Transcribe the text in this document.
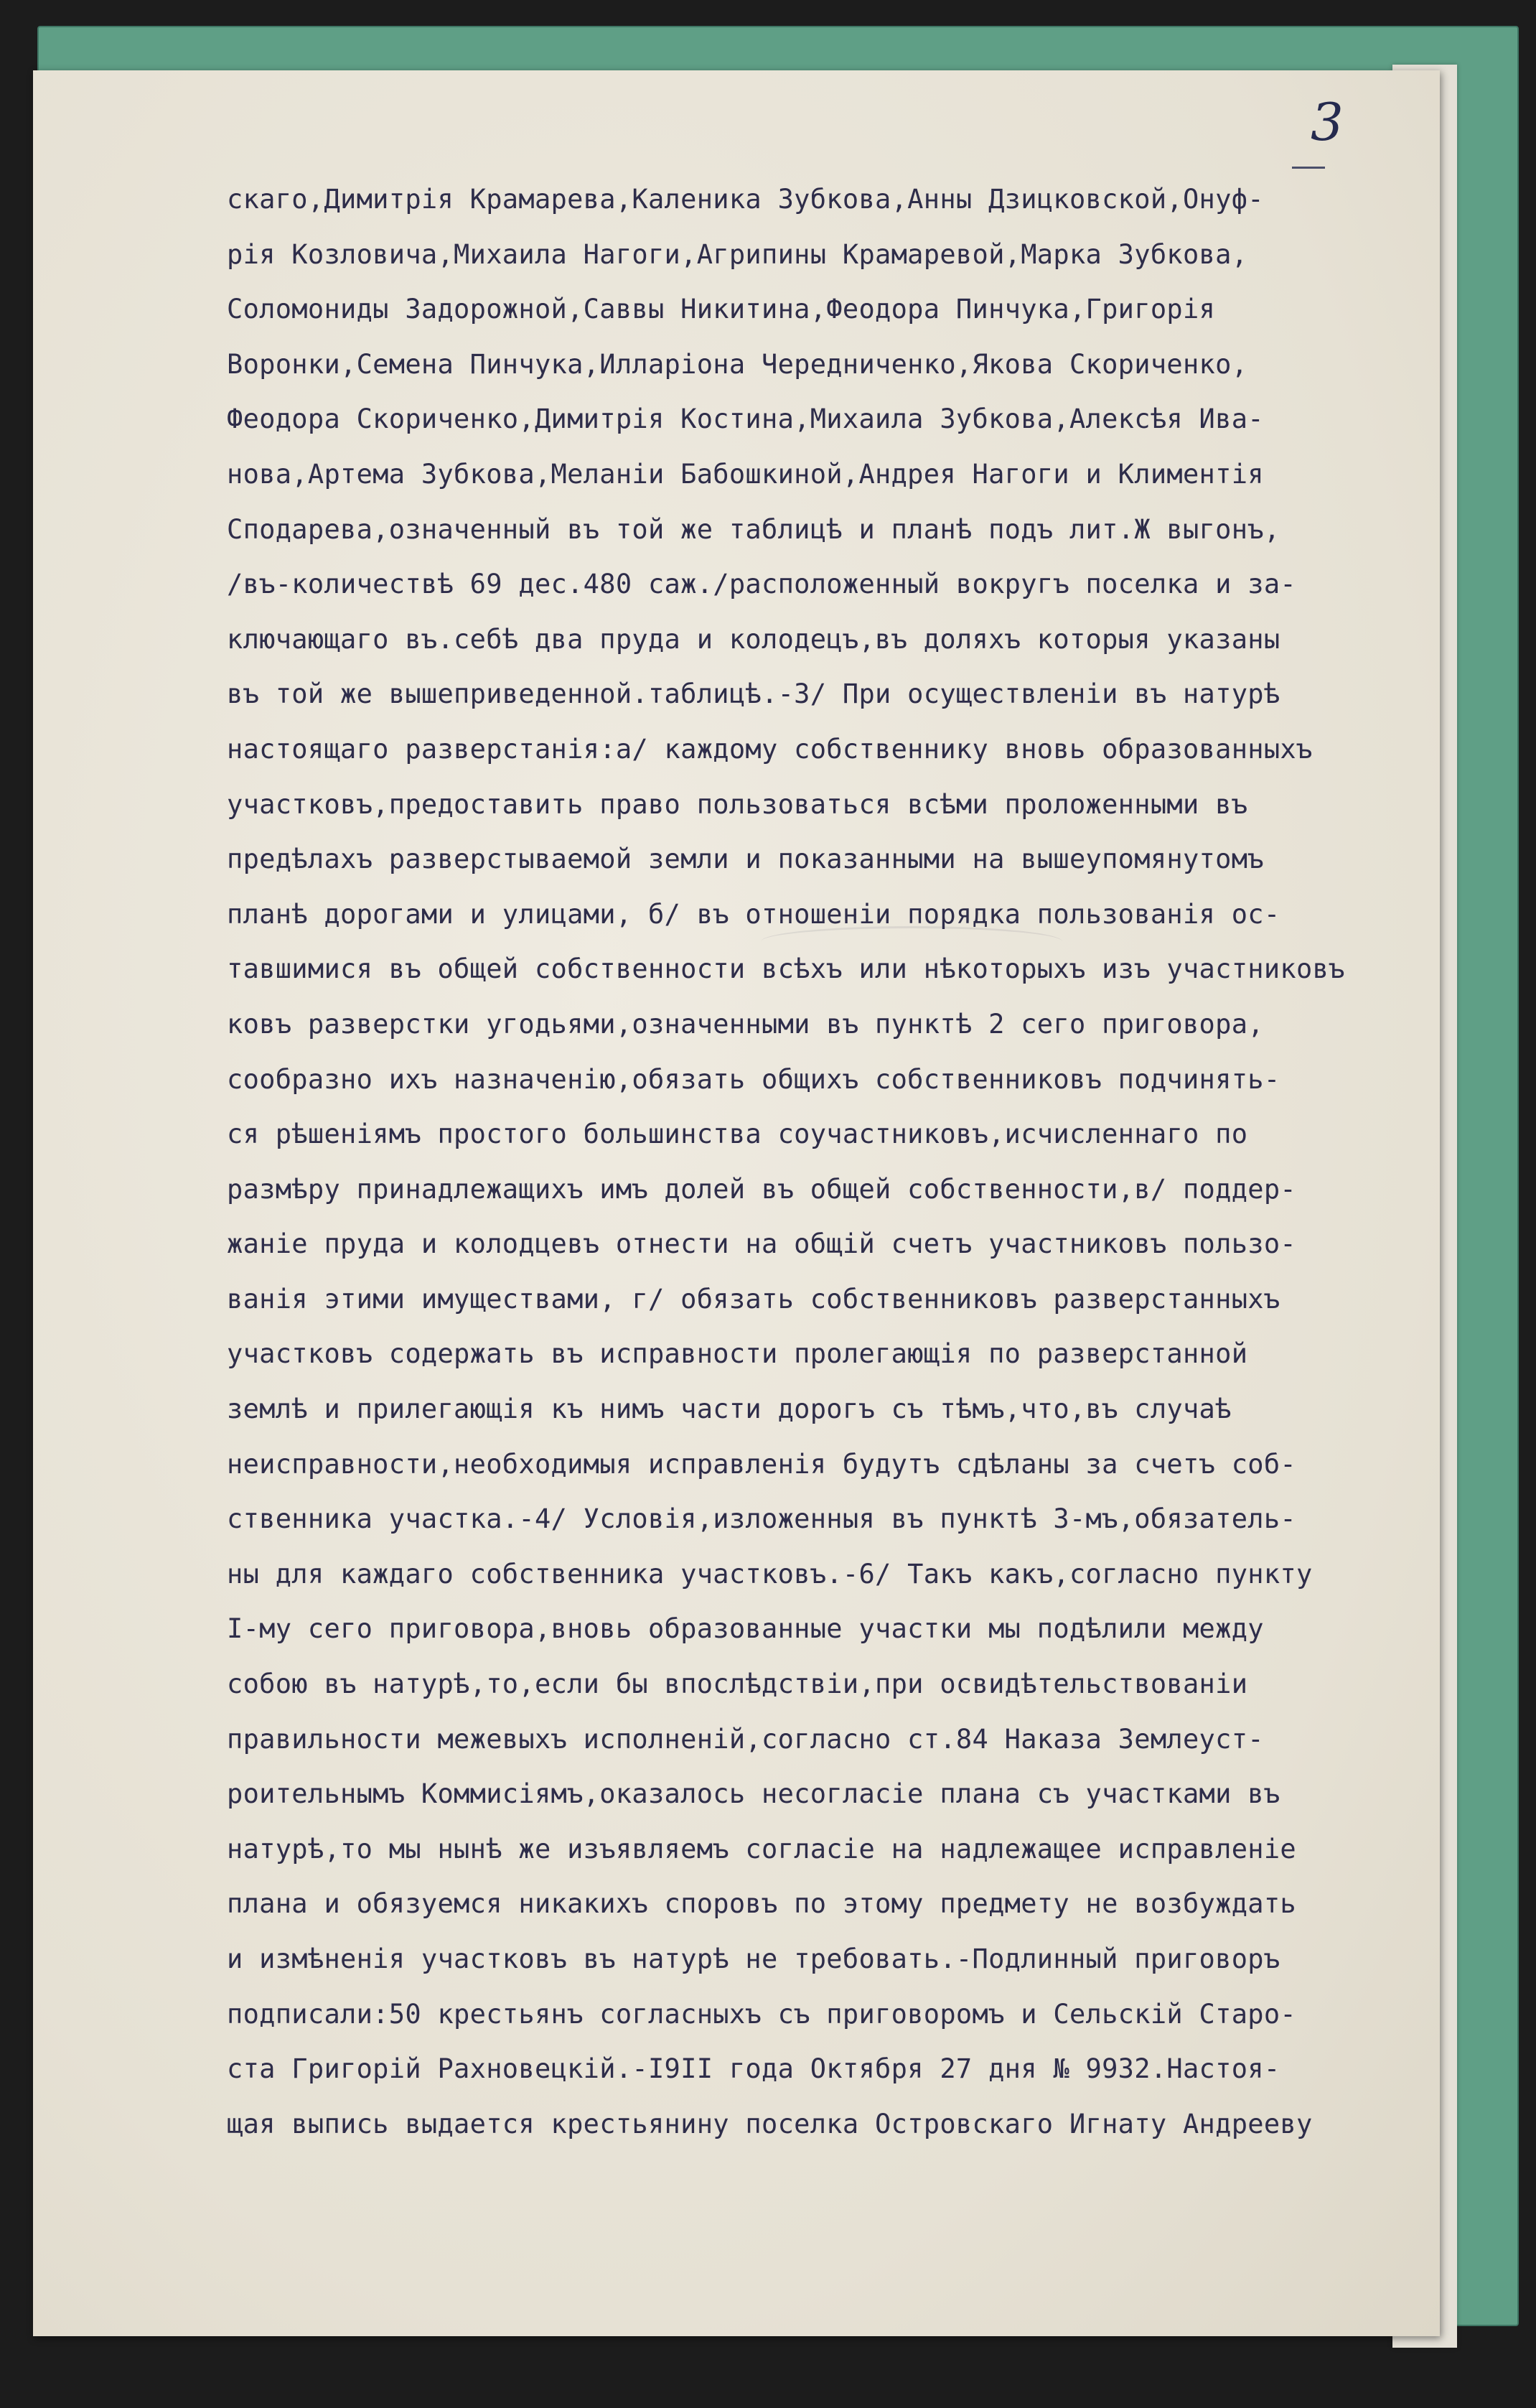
3
скаго,Димитрія Крамарева,Каленика Зубкова,Анны Дзицковской,Онуф-
рія Козловича,Михаила Нагоги,Агрипины Крамаревой,Марка Зубкова,
Соломониды Задорожной,Саввы Никитина,Феодора Пинчука,Григорія
Воронки,Семена Пинчука,Илларіона Чередниченко,Якова Скориченко,
Феодора Скориченко,Димитрія Костина,Михаила Зубкова,Алексѣя Ива-
нова,Артема Зубкова,Меланіи Бабошкиной,Андрея Нагоги и Климентія
Сподарева,означенный въ той же таблицѣ и планѣ подъ лит.Ж выгонъ,
/въ-количествѣ 69 дес.480 саж./расположенный вокругъ поселка и за-
ключающаго въ.себѣ два пруда и колодецъ,въ доляхъ которыя указаны
въ той же вышеприведенной.таблицѣ.-3/ При осуществленіи въ натурѣ
настоящаго разверстанія:а/ каждому собственнику вновь образованныхъ
участковъ,предоставить право пользоваться всѣми проложенными въ
предѣлахъ разверстываемой земли и показанными на вышеупомянутомъ
планѣ дорогами и улицами, б/ въ отношеніи порядка пользованія ос-
тавшимися въ общей собственности всѣхъ или нѣкоторыхъ изъ участниковъ
ковъ разверстки угодьями,означенными въ пунктѣ 2 сего приговора,
сообразно ихъ назначенію,обязать общихъ собственниковъ подчинять-
ся рѣшеніямъ простого большинства соучастниковъ,исчисленнаго по
размѣру принадлежащихъ имъ долей въ общей собственности,в/ поддер-
жаніе пруда и колодцевъ отнести на общій счетъ участниковъ пользо-
ванія этими имуществами, г/ обязать собственниковъ разверстанныхъ
участковъ содержать въ исправности пролегающія по разверстанной
землѣ и прилегающія къ нимъ части дорогъ съ тѣмъ,что,въ случаѣ
неисправности,необходимыя исправленія будутъ сдѣланы за счетъ соб-
ственника участка.-4/ Условія,изложенныя въ пунктѣ 3-мъ,обязатель-
ны для каждаго собственника участковъ.-6/ Такъ какъ,согласно пункту
I-му сего приговора,вновь образованные участки мы подѣлили между
собою въ натурѣ,то,если бы впослѣдствіи,при освидѣтельствованіи
правильности межевыхъ исполненій,согласно ст.84 Наказа Землеуст-
роительнымъ Коммисіямъ,оказалось несогласіе плана съ участками въ
натурѣ,то мы нынѣ же изъявляемъ согласіе на надлежащее исправленіе
плана и обязуемся никакихъ споровъ по этому предмету не возбуждать
и измѣненія участковъ въ натурѣ не требовать.-Подлинный приговоръ
подписали:50 крестьянъ согласныхъ съ приговоромъ и Сельскій Старо-
ста Григорій Рахновецкій.-I9II года Октября 27 дня № 9932.Настоя-
щая выпись выдается крестьянину поселка Островскаго Игнату Андрееву
